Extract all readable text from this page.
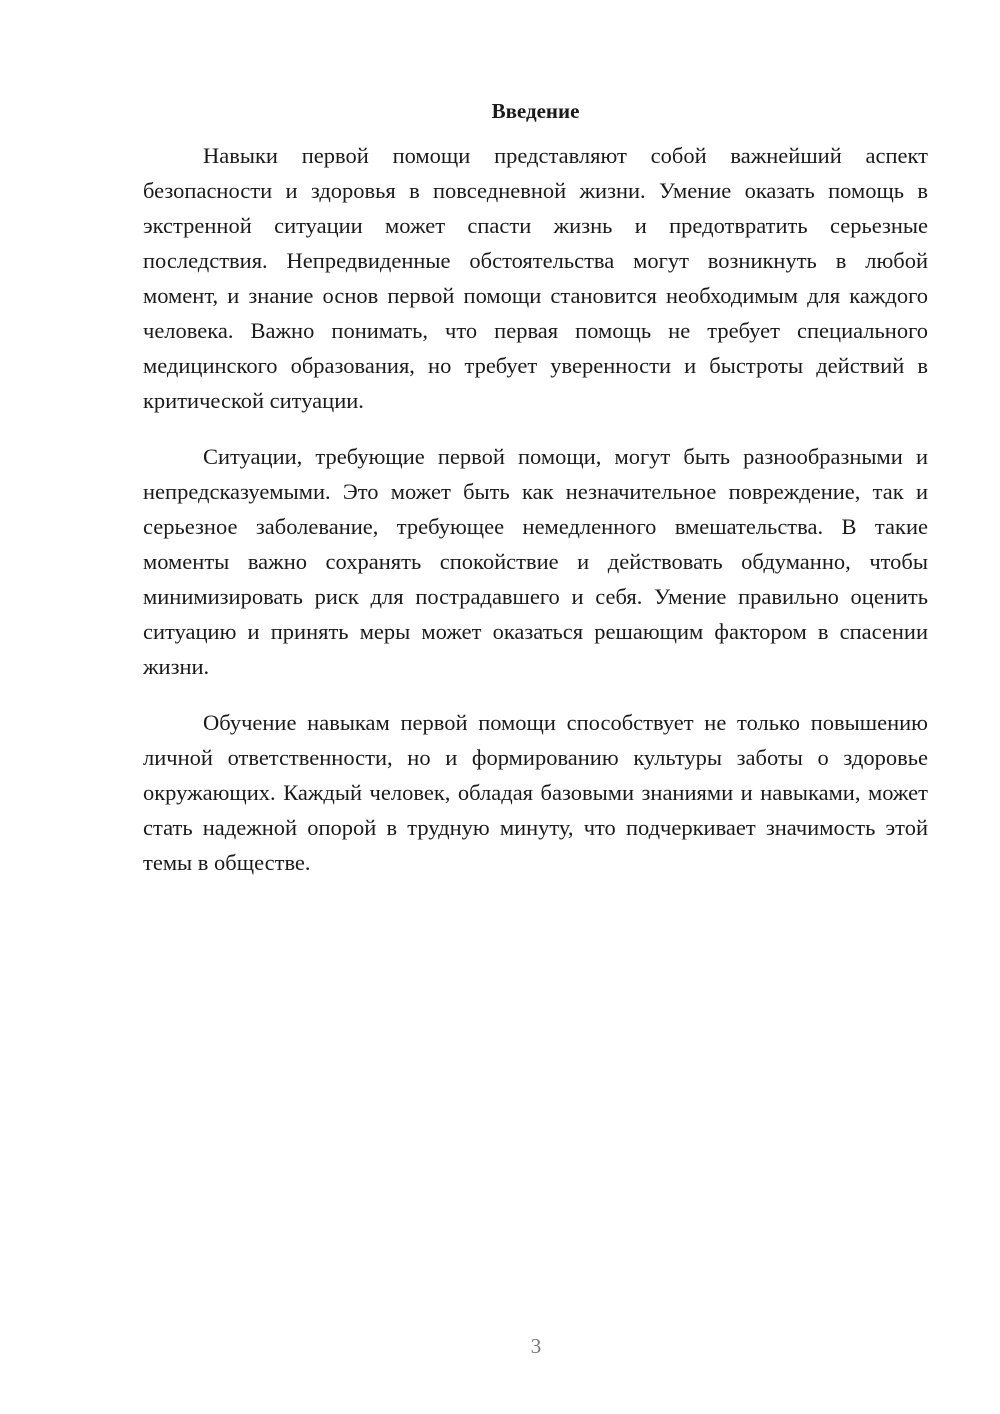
Введение

Навыки первой помощи представляют собой важнейший аспект безопасности и здоровья в повседневной жизни. Умение оказать помощь в экстренной ситуации может спасти жизнь и предотвратить серьезные последствия. Непредвиденные обстоятельства могут возникнуть в любой момент, и знание основ первой помощи становится необходимым для каждого человека. Важно понимать, что первая помощь не требует специального медицинского образования, но требует уверенности и быстроты действий в критической ситуации.

Ситуации, требующие первой помощи, могут быть разнообразными и непредсказуемыми. Это может быть как незначительное повреждение, так и серьезное заболевание, требующее немедленного вмешательства. В такие моменты важно сохранять спокойствие и действовать обдуманно, чтобы минимизировать риск для пострадавшего и себя. Умение правильно оценить ситуацию и принять меры может оказаться решающим фактором в спасении жизни.

Обучение навыкам первой помощи способствует не только повышению личной ответственности, но и формированию культуры заботы о здоровье окружающих. Каждый человек, обладая базовыми знаниями и навыками, может стать надежной опорой в трудную минуту, что подчеркивает значимость этой темы в обществе.

3
